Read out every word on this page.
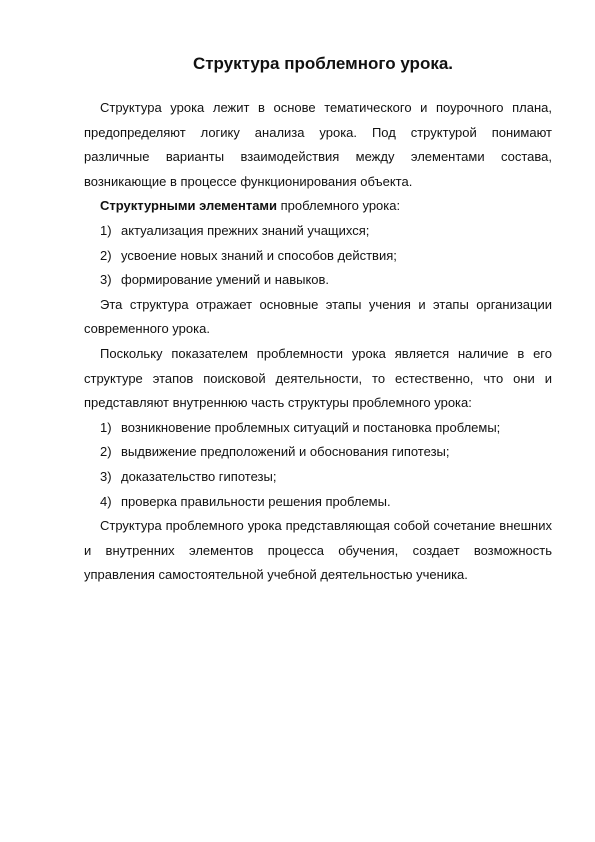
Структура проблемного урока.

Структура урока лежит в основе тематического и поурочного плана, предопределяют логику анализа урока. Под структурой понимают различные варианты взаимодействия между элементами состава, возникающие в процессе функционирования объекта.

Структурными элементами проблемного урока:

1) актуализация прежних знаний учащихся;
2) усвоение новых знаний и способов действия;
3) формирование умений и навыков.

Эта структура отражает основные этапы учения и этапы организации современного урока.

Поскольку показателем проблемности урока является наличие в его структуре этапов поисковой деятельности, то естественно, что они и представляют внутреннюю часть структуры проблемного урока:

1) возникновение проблемных ситуаций и постановка проблемы;
2) выдвижение предположений и обоснования гипотезы;
3) доказательство гипотезы;
4) проверка правильности решения проблемы.

Структура проблемного урока представляющая собой сочетание внешних и внутренних элементов процесса обучения, создает возможность управления самостоятельной учебной деятельностью ученика.
